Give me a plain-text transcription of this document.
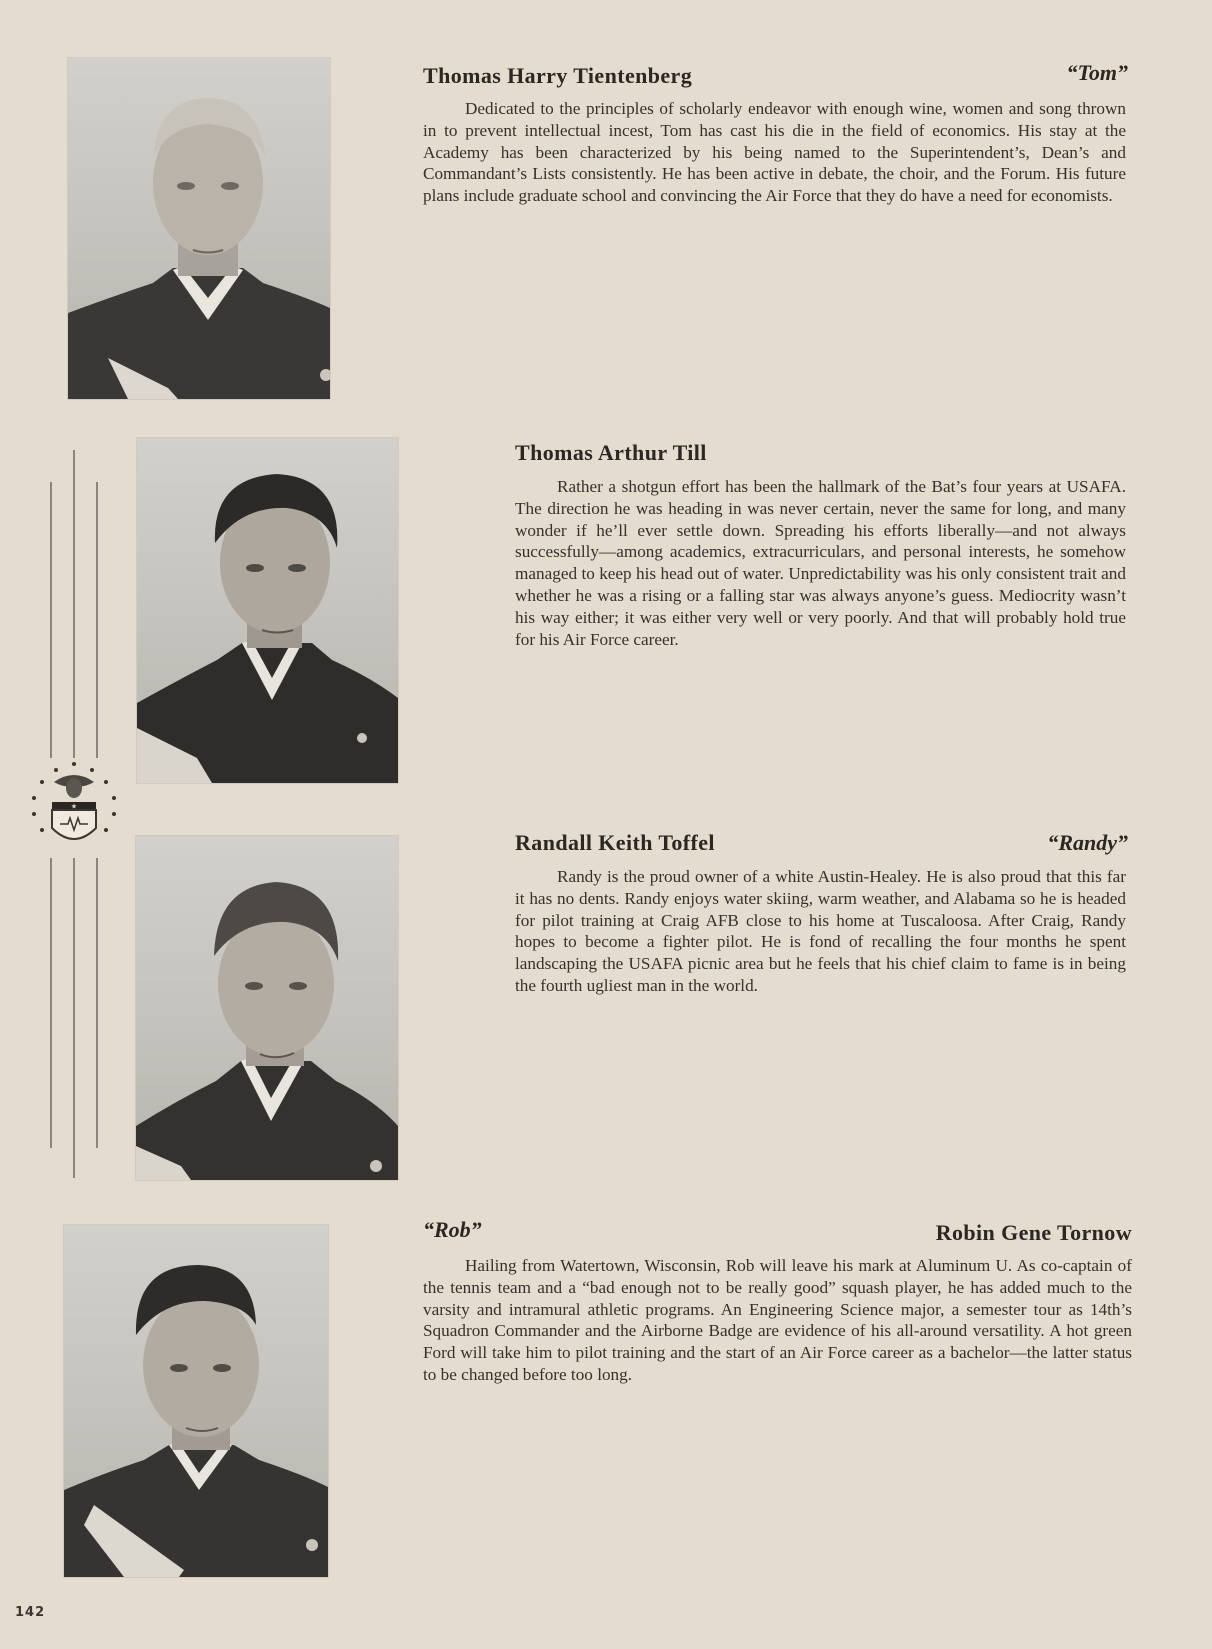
Thomas Harry Tientenberg	“Tom”

Dedicated to the principles of scholarly endeavor with enough wine, women and song thrown in to prevent intellectual incest, Tom has cast his die in the field of economics. His stay at the Academy has been characterized by his being named to the Superintendent’s, Dean’s and Commandant’s Lists consistently. He has been active in debate, the choir, and the Forum. His future plans include graduate school and convincing the Air Force that they do have a need for economists.

Thomas Arthur Till

Rather a shotgun effort has been the hallmark of the Bat’s four years at USAFA. The direction he was heading in was never certain, never the same for long, and many wonder if he’ll ever settle down. Spreading his efforts liberally—and not always successfully—among academics, extracurriculars, and personal interests, he somehow managed to keep his head out of water. Unpredictability was his only consistent trait and whether he was a rising or a falling star was always anyone’s guess. Mediocrity wasn’t his way either; it was either very well or very poorly. And that will probably hold true for his Air Force career.

★
Randall Keith Toffel	“Randy”

Randy is the proud owner of a white Austin-Healey. He is also proud that this far it has no dents. Randy enjoys water skiing, warm weather, and Alabama so he is headed for pilot training at Craig AFB close to his home at Tuscaloosa. After Craig, Randy hopes to become a fighter pilot. He is fond of recalling the four months he spent landscaping the USAFA picnic area but he feels that his chief claim to fame is in being the fourth ugliest man in the world.

“Rob”	Robin Gene Tornow

Hailing from Watertown, Wisconsin, Rob will leave his mark at Aluminum U. As co-captain of the tennis team and a “bad enough not to be really good” squash player, he has added much to the varsity and intramural athletic programs. An Engineering Science major, a semester tour as 14th’s Squadron Commander and the Airborne Badge are evidence of his all-around versatility. A hot green Ford will take him to pilot training and the start of an Air Force career as a bachelor—the latter status to be changed before too long.

142
